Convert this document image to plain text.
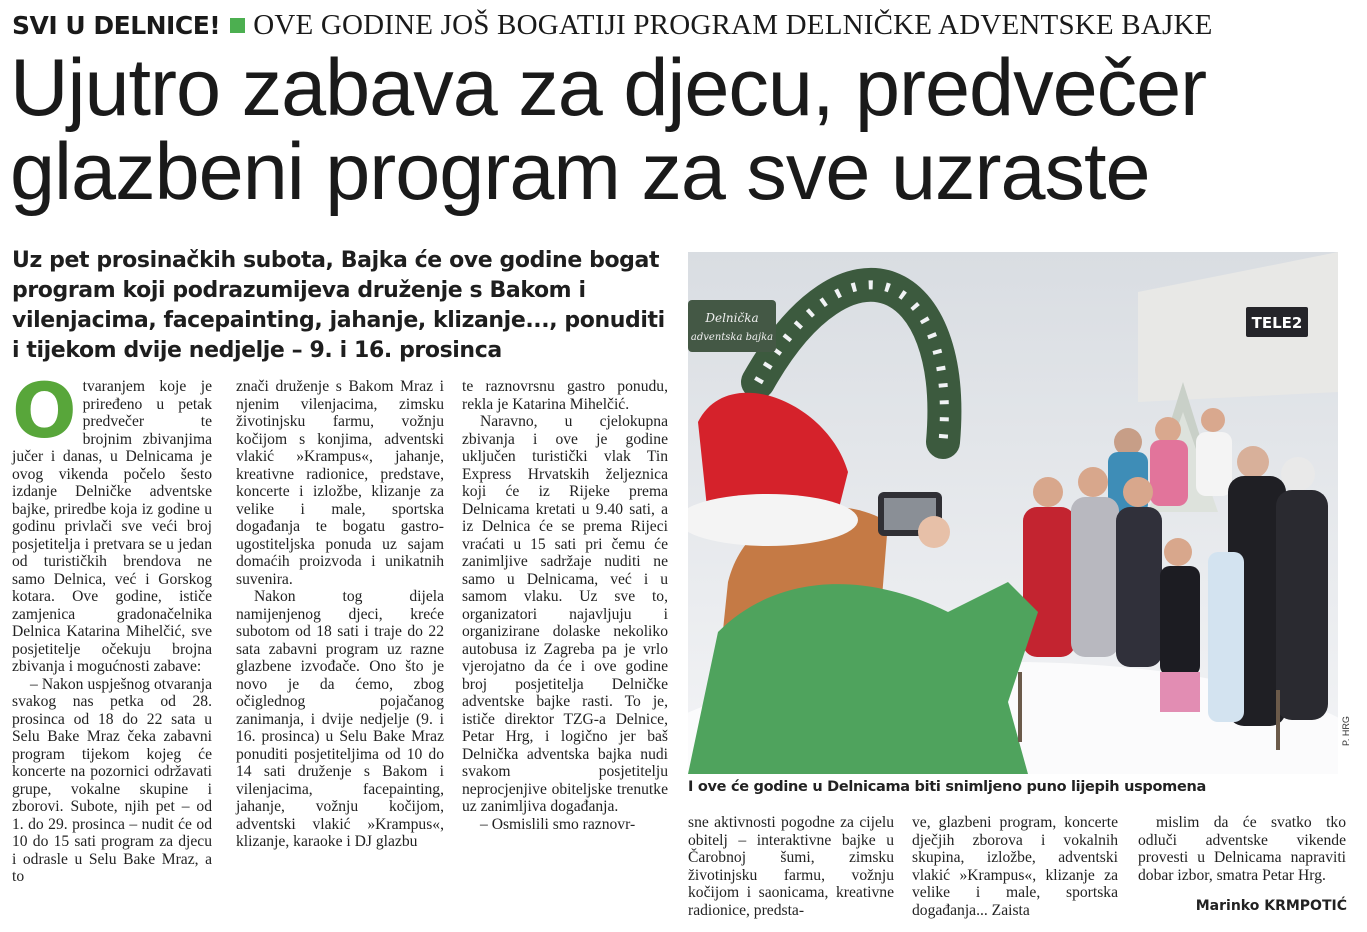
SVI U DELNICE! OVE GODINE JOŠ BOGATIJI PROGRAM DELNIČKE ADVENTSKE BAJKE
Ujutro zabava za djecu, predvečer
glazbeni program za sve uzraste

Uz pet prosinačkih subota, Bajka će ove godine bogat program koji podrazumijeva druženje s Bakom i vilenjacima, facepainting, jahanje, klizanje..., ponuditi i tijekom dvije nedjelje – 9. i 16. prosinca

Otvaranjem koje je priređeno u petak predvečer te brojnim zbivanjima jučer i danas, u Delnicama je ovog vikenda počelo šesto izdanje Delničke adventske bajke, priredbe koja iz godine u godinu privlači sve veći broj posjetitelja i pretvara se u jedan od turističkih brendova ne samo Delnica, već i Gorskog kotara. Ove godine, ističe zamjenica gradonačelnika Delnica Katarina Mihelčić, sve posjetitelje očekuju brojna zbivanja i mogućnosti zabave:

– Nakon uspješnog otvaranja svakog nas petka od 28. prosinca od 18 do 22 sata u Selu Bake Mraz čeka zabavni program tijekom kojeg će koncerte na pozornici održavati grupe, vokalne skupine i zborovi. Subote, njih pet – od 1. do 29. prosinca – nudit će od 10 do 15 sati program za djecu i odrasle u Selu Bake Mraz, a to

znači druženje s Bakom Mraz i njenim vilenjacima, zimsku životinjsku farmu, vožnju kočijom s konjima, adventski vlakić »Krampus«, jahanje, kreativne radionice, predstave, koncerte i izložbe, klizanje za velike i male, sportska događanja te bogatu gastro-ugostiteljska ponuda uz sajam domaćih proizvoda i unikatnih suvenira.

Nakon tog dijela namijenjenog djeci, kreće subotom od 18 sati i traje do 22 sata zabavni program uz razne glazbene izvođače. Ono što je novo je da ćemo, zbog očiglednog pojačanog zanimanja, i dvije nedjelje (9. i 16. prosinca) u Selu Bake Mraz ponuditi posjetiteljima od 10 do 14 sati druženje s Bakom i vilenjacima, facepainting, jahanje, vožnju kočijom, adventski vlakić »Krampus«, klizanje, karaoke i DJ glazbu

te raznovrsnu gastro ponudu, rekla je Katarina Mihelčić.

Naravno, u cjelokupna zbivanja i ove je godine uključen turistički vlak Tin Express Hrvatskih željeznica koji će iz Rijeke prema Delnicama kretati u 9.40 sati, a iz Delnica će se prema Rijeci vraćati u 15 sati pri čemu će zanimljive sadržaje nuditi ne samo u Delnicama, već i u samom vlaku. Uz sve to, organizatori najavljuju i organizirane dolaske nekoliko autobusa iz Zagreba pa je vrlo vjerojatno da će i ove godine broj posjetitelja Delničke adventske bajke rasti. To je, ističe direktor TZG-a Delnice, Petar Hrg, i logično jer baš Delnička adventska bajka nudi svakom posjetitelju neprocjenjive obiteljske trenutke uz zanimljiva događanja.

– Osmislili smo raznovr-

Delnička
adventska bajka
TELE2
P. HRG
I ove će godine u Delnicama biti snimljeno puno lijepih uspomena

sne aktivnosti pogodne za cijelu obitelj – interaktivne bajke u Čarobnoj šumi, zimsku životinjsku farmu, vožnju kočijom i saonicama, kreativne radionice, predsta-

ve, glazbeni program, koncerte dječjih zborova i vokalnih skupina, izložbe, adventski vlakić »Krampus«, klizanje za velike i male, sportska događanja... Zaista

mislim da će svatko tko odluči adventske vikende provesti u Delnicama napraviti dobar izbor, smatra Petar Hrg.

Marinko KRMPOTIĆ
